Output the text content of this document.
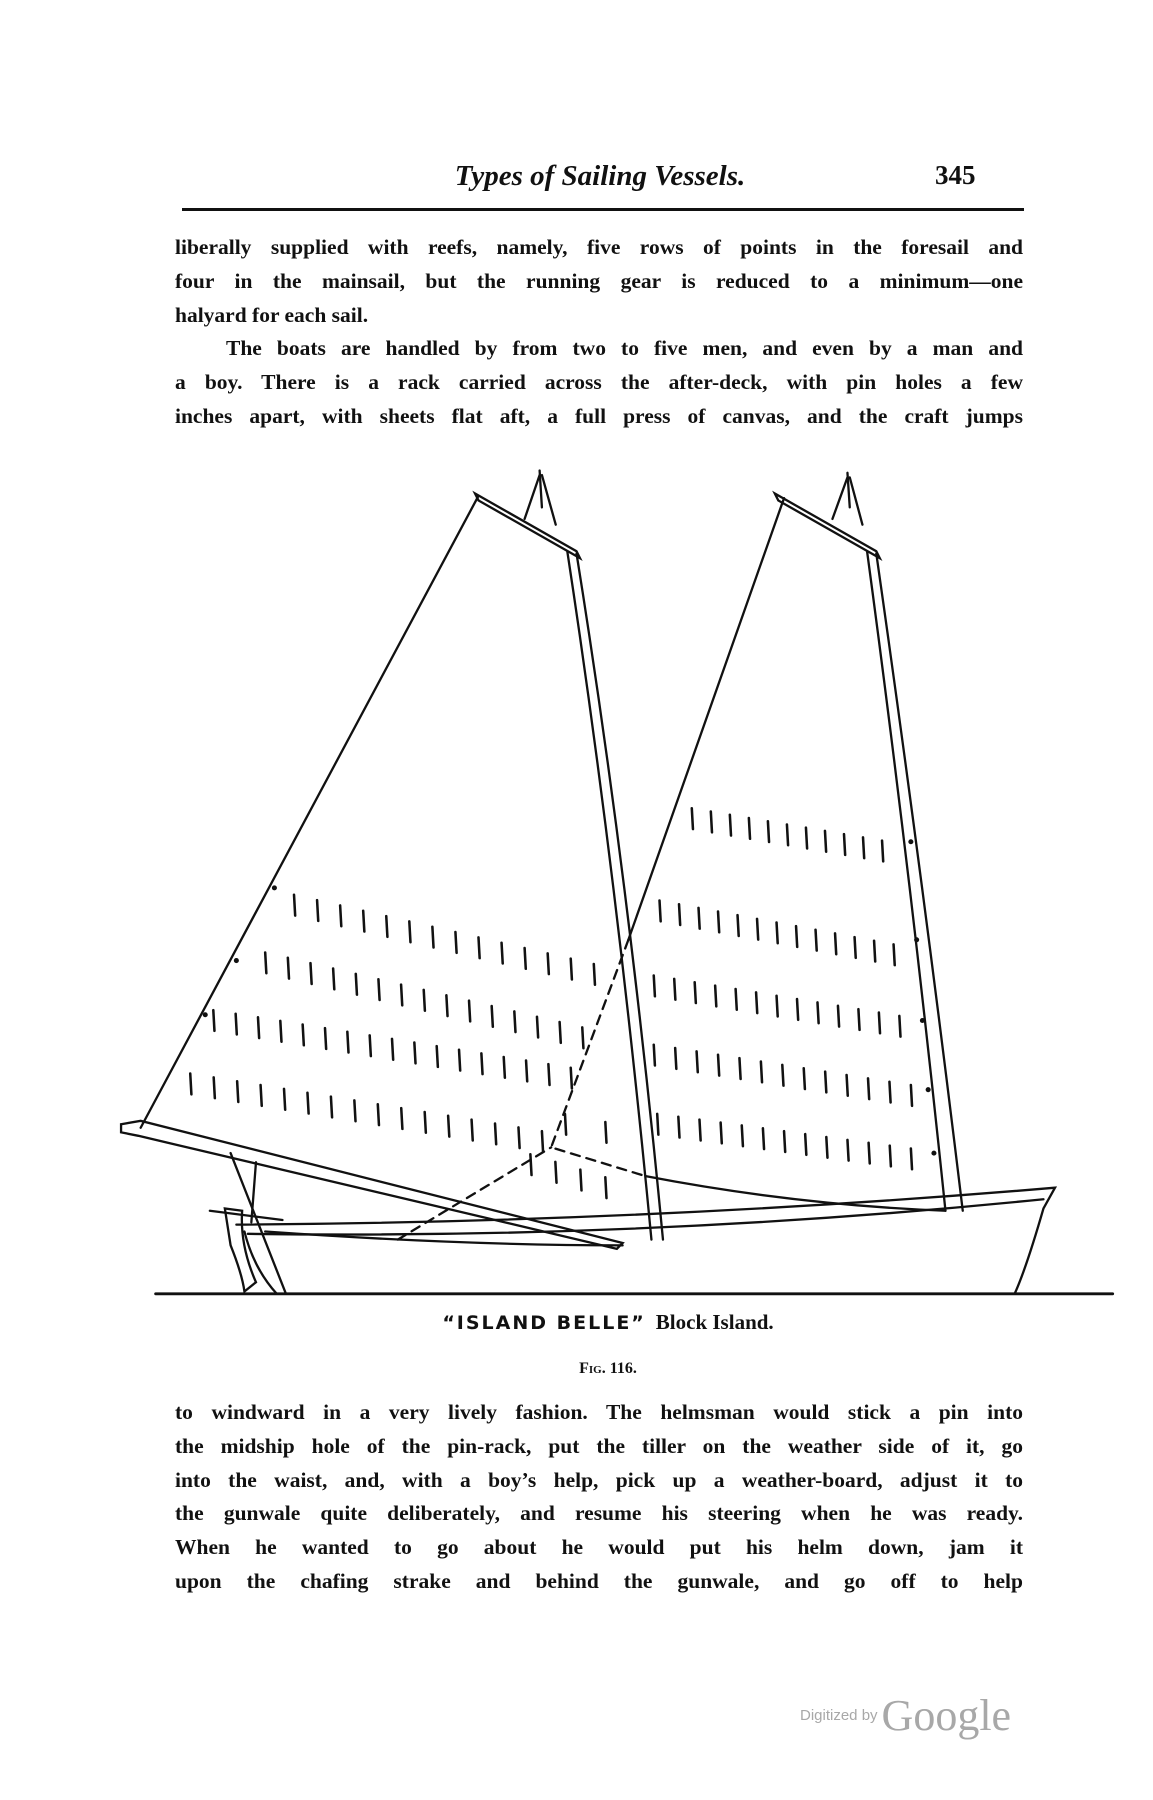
Types of Sailing Vessels.	345
liberally supplied with reefs, namely, five rows of points in the foresail and
four in the mainsail, but the running gear is reduced to a minimum—one
halyard for each sail.
The boats are handled by from two to five men, and even by a man and
a boy. There is a rack carried across the after-deck, with pin holes a few
inches apart, with sheets flat aft, a full press of canvas, and the craft jumps
“ISLAND BELLE” Block Island.
Fig. 116.
to windward in a very lively fashion. The helmsman would stick a pin into
the midship hole of the pin-rack, put the tiller on the weather side of it, go
into the waist, and, with a boy’s help, pick up a weather-board, adjust it to
the gunwale quite deliberately, and resume his steering when he was ready.
When he wanted to go about he would put his helm down, jam it
upon the chafing strake and behind the gunwale, and go off to help
Digitized byGoogle
